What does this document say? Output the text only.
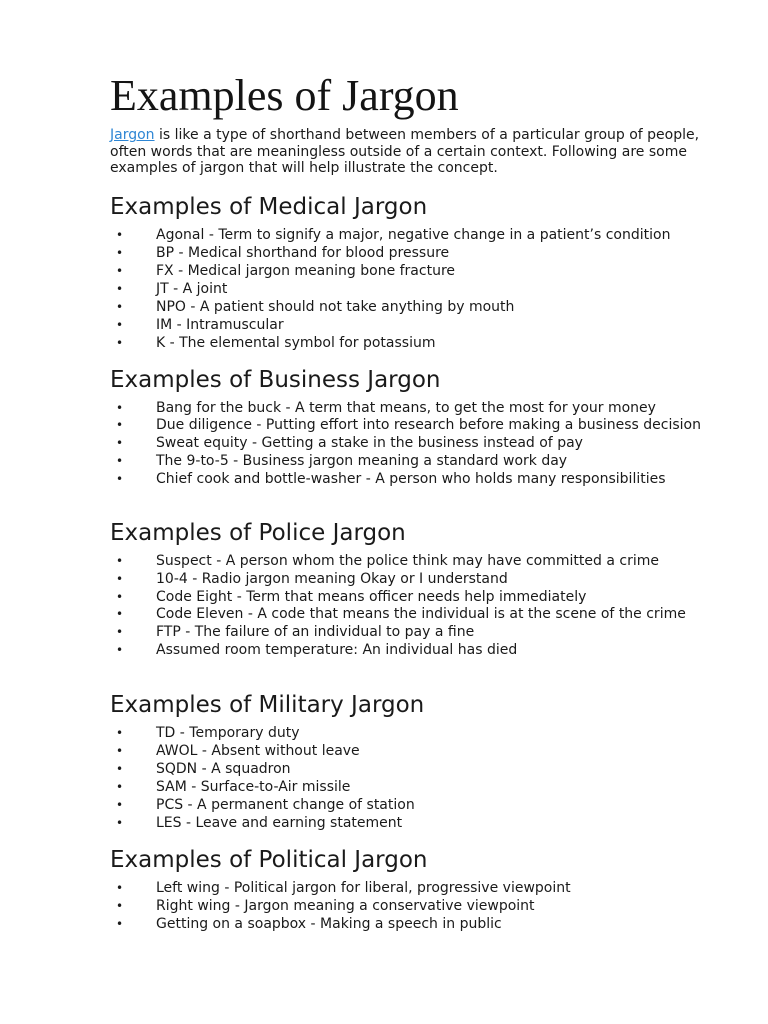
Examples of Jargon

Jargon is like a type of shorthand between members of a particular group of people, often words that are meaningless outside of a certain context. Following are some examples of jargon that will help illustrate the concept.

Examples of Medical Jargon
• Agonal - Term to signify a major, negative change in a patient’s condition
• BP - Medical shorthand for blood pressure
• FX - Medical jargon meaning bone fracture
• JT - A joint
• NPO - A patient should not take anything by mouth
• IM - Intramuscular
• K - The elemental symbol for potassium
Examples of Business Jargon
• Bang for the buck - A term that means, to get the most for your money
• Due diligence - Putting effort into research before making a business decision
• Sweat equity - Getting a stake in the business instead of pay
• The 9-to-5 - Business jargon meaning a standard work day
• Chief cook and bottle-washer - A person who holds many responsibilities
Examples of Police Jargon
• Suspect - A person whom the police think may have committed a crime
• 10-4 - Radio jargon meaning Okay or I understand
• Code Eight - Term that means officer needs help immediately
• Code Eleven - A code that means the individual is at the scene of the crime
• FTP - The failure of an individual to pay a fine
• Assumed room temperature: An individual has died
Examples of Military Jargon
• TD - Temporary duty
• AWOL - Absent without leave
• SQDN - A squadron
• SAM - Surface-to-Air missile
• PCS - A permanent change of station
• LES - Leave and earning statement
Examples of Political Jargon
• Left wing - Political jargon for liberal, progressive viewpoint
• Right wing - Jargon meaning a conservative viewpoint
• Getting on a soapbox - Making a speech in public
